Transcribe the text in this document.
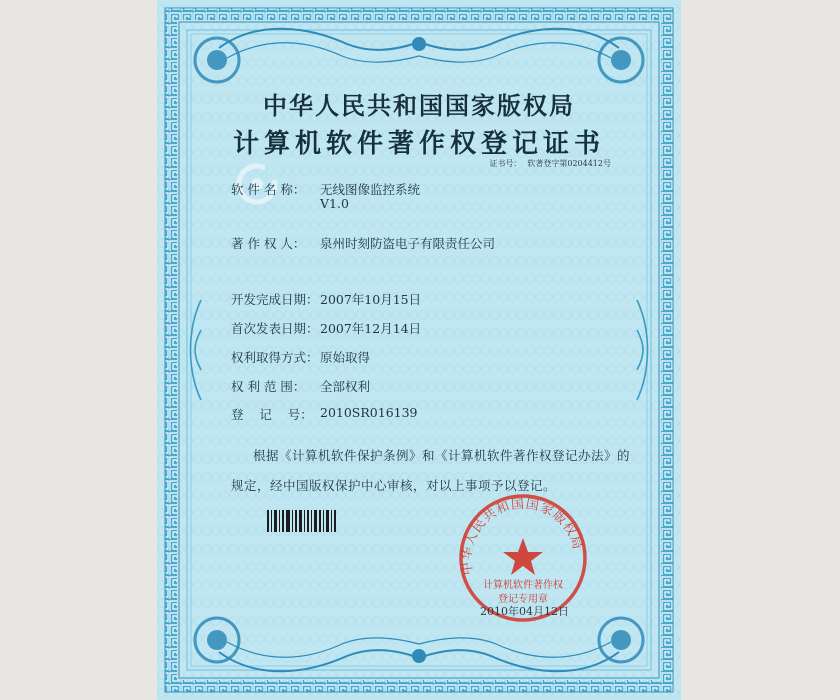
中华人民共和国国家版权局
中华人民共和国国家版权局
计算机软件著作权登记证书
证书号： 软著登字第0204412号
软 件 名 称： 无线图像监控系统
V1.0
著 作 权 人： 泉州时刻防盗电子有限责任公司
开发完成日期： 2007年10月15日
首次发表日期： 2007年12月14日
权利取得方式： 原始取得
权 利 范 围： 全部权利
登    记    号： 2010SR016139
根据《计算机软件保护条例》和《计算机软件著作权登记办法》的
规定，经中国版权保护中心审核，对以上事项予以登记。
计算机软件著作权
登记专用章
2010年04月12日
